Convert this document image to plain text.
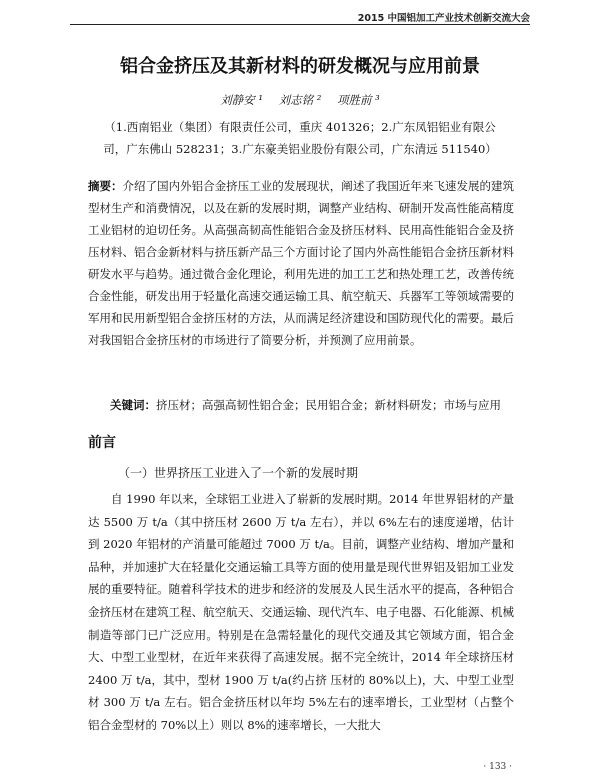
2015 中国铝加工产业技术创新交流大会
铝合金挤压及其新材料的研发概况与应用前景
刘静安 ¹ 刘志铭 ² 项胜前 ³
（1.西南铝业（集团）有限责任公司，重庆 401326；2.广东凤铝铝业有限公司，广东佛山 528231；3.广东豪美铝业股份有限公司，广东清远 511540）
摘要：介绍了国内外铝合金挤压工业的发展现状，阐述了我国近年来飞速发展的建筑型材生产和消费情况，以及在新的发展时期，调整产业结构、研制开发高性能高精度工业铝材的迫切任务。从高强高韧高性能铝合金及挤压材料、民用高性能铝合金及挤压材料、铝合金新材料与挤压新产品三个方面讨论了国内外高性能铝合金挤压新材料研发水平与趋势。通过微合金化理论，利用先进的加工工艺和热处理工艺，改善传统合金性能，研发出用于轻量化高速交通运输工具、航空航天、兵器军工等领域需要的军用和民用新型铝合金挤压材的方法，从而满足经济建设和国防现代化的需要。最后对我国铝合金挤压材的市场进行了简要分析，并预测了应用前景。
关键词：挤压材；高强高韧性铝合金；民用铝合金；新材料研发；市场与应用
前言
（一）世界挤压工业进入了一个新的发展时期
自 1990 年以来，全球铝工业进入了崭新的发展时期。2014 年世界铝材的产量达 5500 万 t/a（其中挤压材 2600 万 t/a 左右），并以 6%左右的速度递增，估计到 2020 年铝材的产消量可能超过 7000 万 t/a。目前，调整产业结构、增加产量和品种，并加速扩大在轻量化交通运输工具等方面的使用量是现代世界铝及铝加工业发展的重要特征。随着科学技术的进步和经济的发展及人民生活水平的提高，各种铝合金挤压材在建筑工程、航空航天、交通运输、现代汽车、电子电器、石化能源、机械制造等部门已广泛应用。特别是在急需轻量化的现代交通及其它领域方面，铝合金大、中型工业型材，在近年来获得了高速发展。据不完全统计，2014 年全球挤压材 2400 万 t/a，其中，型材 1900 万 t/a(约占挤 压材的 80%以上)，大、中型工业型材 300 万 t/a 左右。铝合金挤压材以年均 5%左右的速率增长，工业型材（占整个铝合金型材的 70%以上）则以 8%的速率增长，一大批大
· 133 ·
